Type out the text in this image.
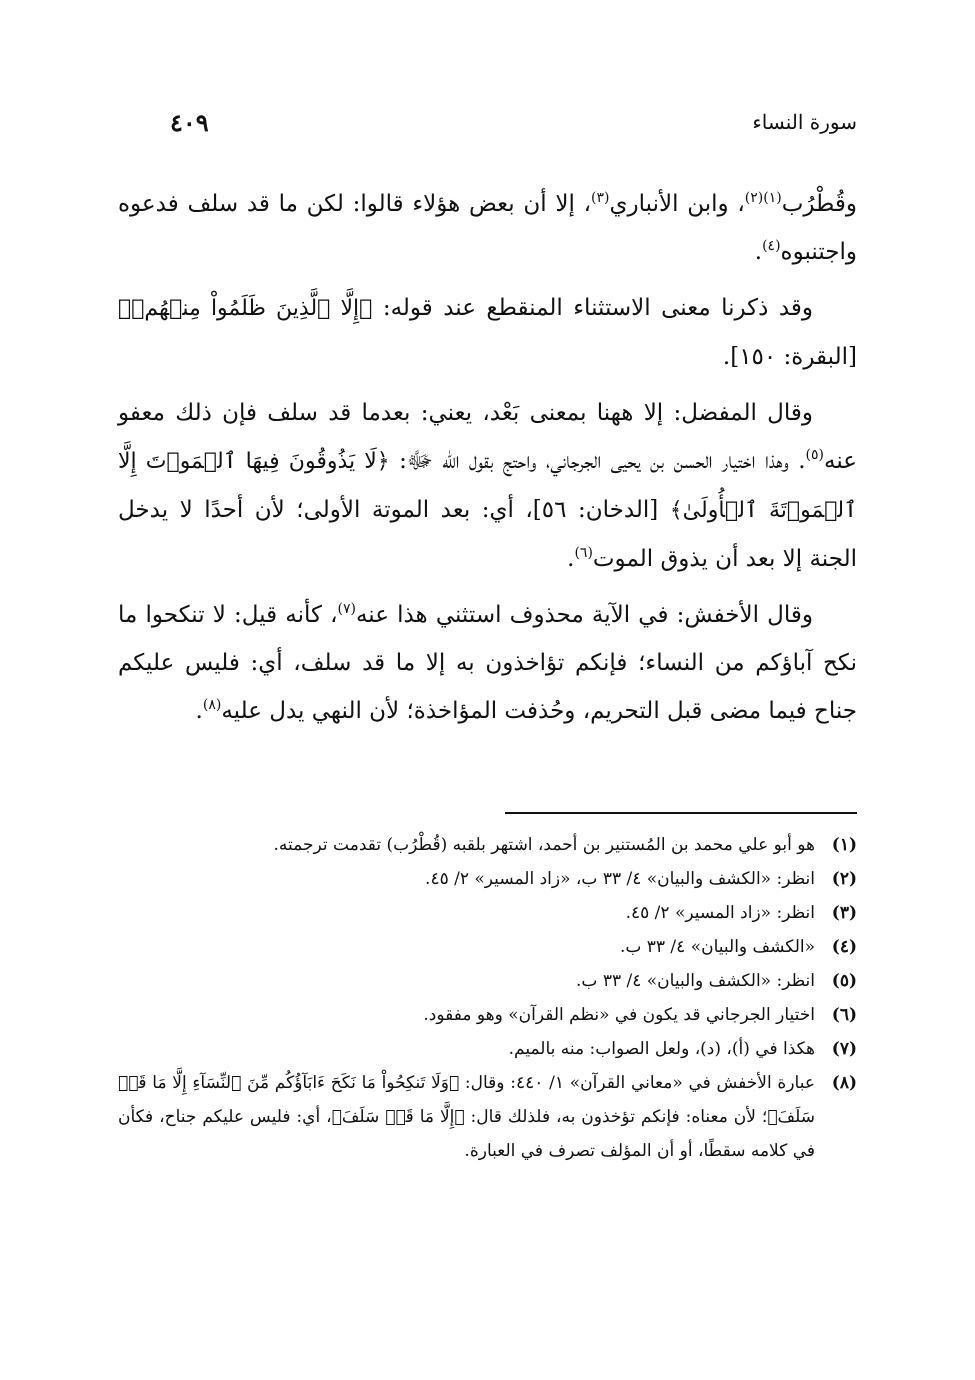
سورة النساء
٤٠٩

وقُطْرُب$^{(١)(٢)}$، وابن الأنباري$^{(٣)}$، إلا أن بعض هؤلاء قالوا: لكن ما قد سلف فدعوه واجتنبوه$^{(٤)}$.

وقد ذكرنا معنى الاستثناء المنقطع عند قوله: ﴿إِلَّا ٱلَّذِينَ ظَلَمُواْ مِنۡهُمۡ﴾ [البقرة: ١٥٠].

وقال المفضل: إلا ههنا بمعنى بَعْد، يعني: بعدما قد سلف فإن ذلك معفو عنه$^{(٥)}$. وهذا اختيار الحسن بن يحيى الجرجاني، واحتج بقول الله ﷻ: ﴿لَا يَذُوقُونَ فِيهَا ٱلۡمَوۡتَ إِلَّا ٱلۡمَوۡتَةَ ٱلۡأُولَىٰ﴾ [الدخان: ٥٦]، أي: بعد الموتة الأولى؛ لأن أحدًا لا يدخل الجنة إلا بعد أن يذوق الموت$^{(٦)}$.

وقال الأخفش: في الآية محذوف استثني هذا عنه$^{(٧)}$، كأنه قيل: لا تنكحوا ما نكح آباؤكم من النساء؛ فإنكم تؤاخذون به إلا ما قد سلف، أي: فليس عليكم جناح فيما مضى قبل التحريم، وحُذفت المؤاخذة؛ لأن النهي يدل عليه$^{(٨)}$.

(١)
هو أبو علي محمد بن المُستنير بن أحمد، اشتهر بلقبه (قُطْرُب) تقدمت ترجمته.
(٢)
انظر: «الكشف والبيان» ٤/ ٣٣ ب، «زاد المسير» ٢/ ٤٥.
(٣)
انظر: «زاد المسير» ٢/ ٤٥.
(٤)
«الكشف والبيان» ٤/ ٣٣ ب.
(٥)
انظر: «الكشف والبيان» ٤/ ٣٣ ب.
(٦)
اختيار الجرجاني قد يكون في «نظم القرآن» وهو مفقود.
(٧)
هكذا في (أ)، (د)، ولعل الصواب: منه بالميم.
(٨)
عبارة الأخفش في «معاني القرآن» ١/ ٤٤٠: وقال: ﴿وَلَا تَنكِحُواْ مَا نَكَحَ ءَابَآؤُكُم مِّنَ ٱلنِّسَآءِ إِلَّا مَا قَدۡ سَلَفَ﴾؛ لأن معناه: فإنكم تؤخذون به، فلذلك قال: ﴿إِلَّا مَا قَدۡ سَلَفَ﴾، أي: فليس عليكم جناح، فكأن في كلامه سقطًا، أو أن المؤلف تصرف في العبارة.
